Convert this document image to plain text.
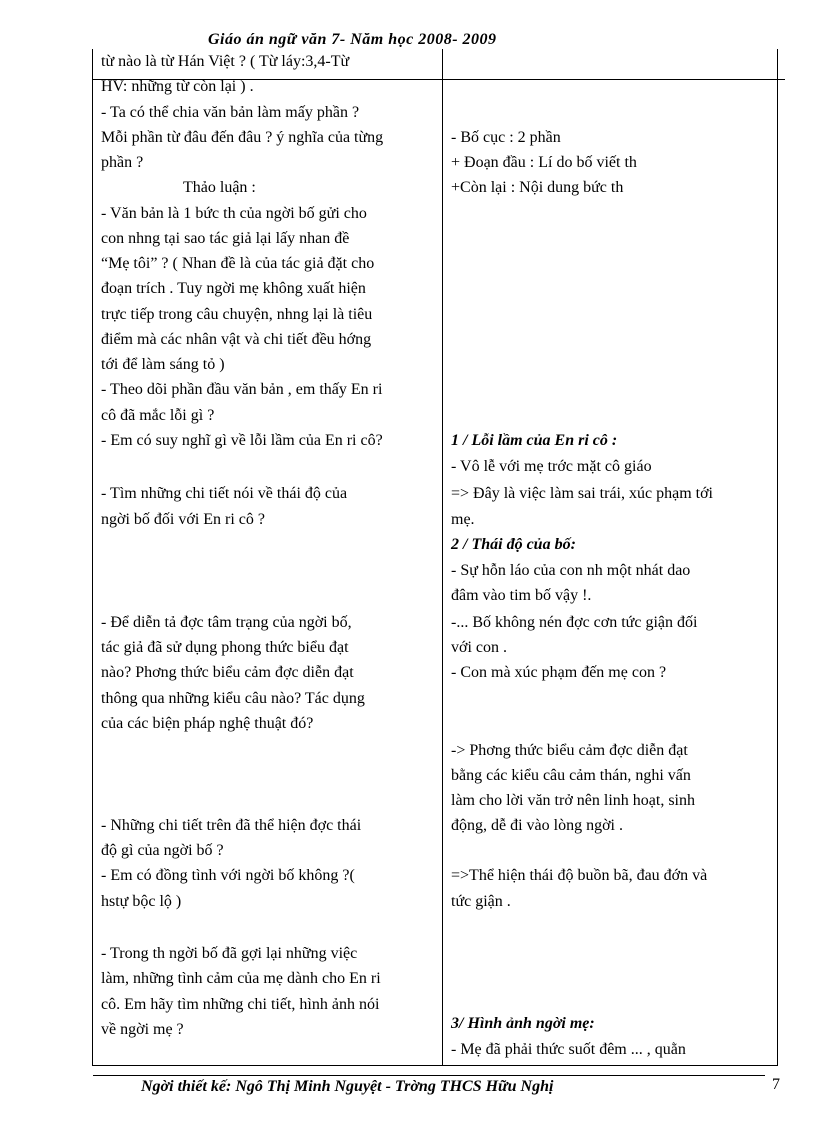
Giáo án ngữ văn 7- Năm học 2008- 2009
từ nào là từ Hán Việt ? ( Từ láy:3,4-Từ
HV: những từ còn lại ) .
- Ta có thể chia văn bản làm mấy phần ?
Mỗi phần từ đâu đến đâu ? ý nghĩa của từng
phần ?
Thảo luận :
- Văn bản là 1 bức th của ngời bố gửi cho
con nhng tại sao tác giả lại lấy nhan đề
“Mẹ tôi” ? ( Nhan đề là của tác giả đặt cho
đoạn trích . Tuy ngời mẹ không xuất hiện
trực tiếp trong câu chuyện, nhng lại là tiêu
điểm mà các nhân vật và chi tiết đều hớng
tới để làm sáng tỏ )
- Theo dõi phần đầu văn bản , em thấy En ri
cô đã mắc lỗi gì ?
- Em có suy nghĩ gì về lỗi lầm của En ri cô?
- Tìm những chi tiết nói về thái độ của
ngời bố đối với En ri cô ?
- Để diễn tả đợc tâm trạng của ngời bố,
tác giả đã sử dụng phong thức biểu đạt
nào? Phơng thức biểu cảm đợc diễn đạt
thông qua những kiểu câu nào? Tác dụng
của các biện pháp nghệ thuật đó?
- Những chi tiết trên đã thể hiện đợc thái
độ gì của ngời bố ?
- Em có đồng tình với ngời bố không ?(
hstự bộc lộ )
- Trong th ngời bố đã gợi lại những việc
làm, những tình cảm của mẹ dành cho En ri
cô. Em hãy tìm những chi tiết, hình ảnh nói
về ngời mẹ ?
- Bố cục : 2 phần
+ Đoạn đầu : Lí do bố viết th
+Còn lại : Nội dung bức th
1 / Lỗi lầm của En ri cô :
- Vô lễ với mẹ trớc mặt cô giáo
=> Đây là việc làm sai trái, xúc phạm tới
mẹ.
2 / Thái độ của bố:
- Sự hỗn láo của con nh một nhát dao
đâm vào tim bố vậy !.
-... Bố không nén đợc cơn tức giận đối
với con .
- Con mà xúc phạm đến mẹ con ?
-> Phơng thức biểu cảm đợc diễn đạt
bằng các kiểu câu cảm thán, nghi vấn
làm cho lời văn trở nên linh hoạt, sinh
động, dễ đi vào lòng ngời .
=>Thể hiện thái độ buồn bã, đau đớn và
tức giận .
3/ Hình ảnh ngời mẹ:
- Mẹ đã phải thức suốt đêm ... , quằn
Ngời thiết kế: Ngô Thị Minh Nguyệt - Trờng THCS Hữu Nghị	7
